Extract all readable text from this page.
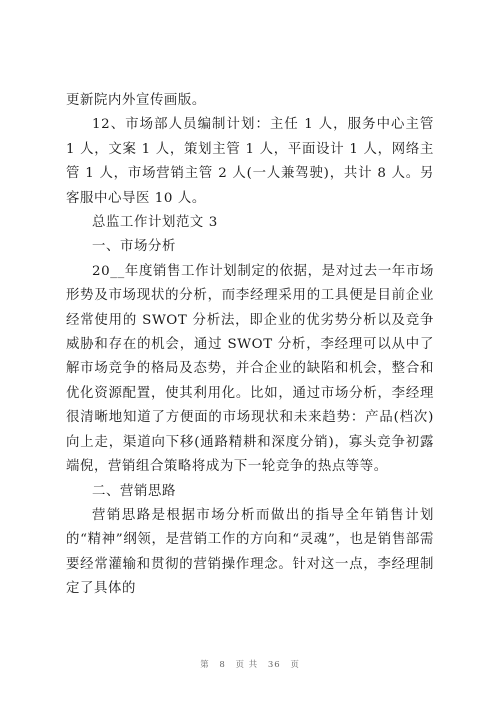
更新院内外宣传画版。

12、市场部人员编制计划：主任 1 人，服务中心主管 1 人，文案 1 人，策划主管 1 人，平面设计 1 人，网络主管 1 人，市场营销主管 2 人(一人兼驾驶)，共计 8 人。另客服中心导医 10 人。

总监工作计划范文 3

一、市场分析

20__年度销售工作计划制定的依据，是对过去一年市场形势及市场现状的分析，而李经理采用的工具便是目前企业经常使用的 SWOT 分析法，即企业的优劣势分析以及竞争威胁和存在的机会，通过 SWOT 分析，李经理可以从中了解市场竞争的格局及态势，并合企业的缺陷和机会，整合和优化资源配置，使其利用化。比如，通过市场分析，李经理很清晰地知道了方便面的市场现状和未来趋势：产品(档次)向上走，渠道向下移(通路精耕和深度分销)，寡头竞争初露端倪，营销组合策略将成为下一轮竞争的热点等等。

二、营销思路

营销思路是根据市场分析而做出的指导全年销售计划的“精神”纲领，是营销工作的方向和“灵魂”，也是销售部需要经常灌输和贯彻的营销操作理念。针对这一点，李经理制定了具体的

第 8 页 共 36 页
